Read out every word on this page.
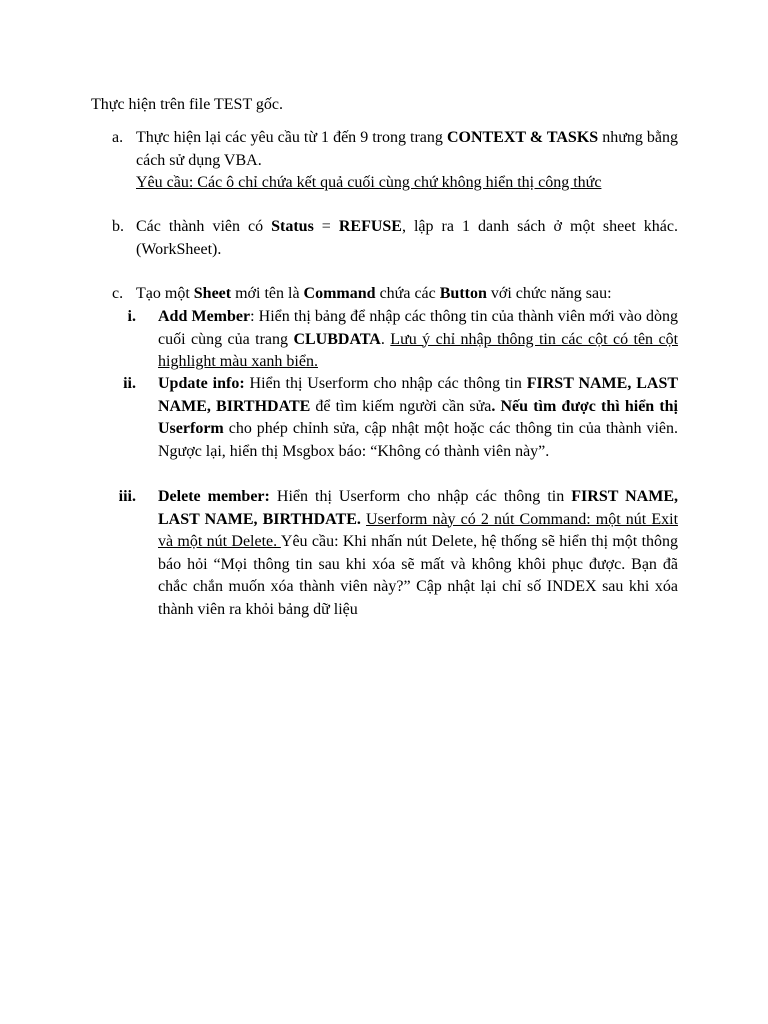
Thực hiện trên file TEST gốc.
a. Thực hiện lại các yêu cầu từ 1 đến 9 trong trang CONTEXT & TASKS nhưng bằng cách sử dụng VBA.
Yêu cầu: Các ô chỉ chứa kết quả cuối cùng chứ không hiển thị công thức
b. Các thành viên có Status = REFUSE, lập ra 1 danh sách ở một sheet khác. (WorkSheet).
c. Tạo một Sheet mới tên là Command chứa các Button với chức năng sau:
i. Add Member: Hiển thị bảng để nhập các thông tin của thành viên mới vào dòng cuối cùng của trang CLUBDATA. Lưu ý chỉ nhập thông tin các cột có tên cột highlight màu xanh biển.
ii. Update info: Hiển thị Userform cho nhập các thông tin FIRST NAME, LAST NAME, BIRTHDATE để tìm kiếm người cần sửa. Nếu tìm được thì hiển thị Userform cho phép chỉnh sửa, cập nhật một hoặc các thông tin của thành viên. Ngược lại, hiển thị Msgbox báo: “Không có thành viên này”.
iii. Delete member: Hiển thị Userform cho nhập các thông tin FIRST NAME, LAST NAME, BIRTHDATE. Userform này có 2 nút Command: một nút Exit và một nút Delete. Yêu cầu: Khi nhấn nút Delete, hệ thống sẽ hiển thị một thông báo hỏi “Mọi thông tin sau khi xóa sẽ mất và không khôi phục được. Bạn đã chắc chắn muốn xóa thành viên này?” Cập nhật lại chỉ số INDEX sau khi xóa thành viên ra khỏi bảng dữ liệu
